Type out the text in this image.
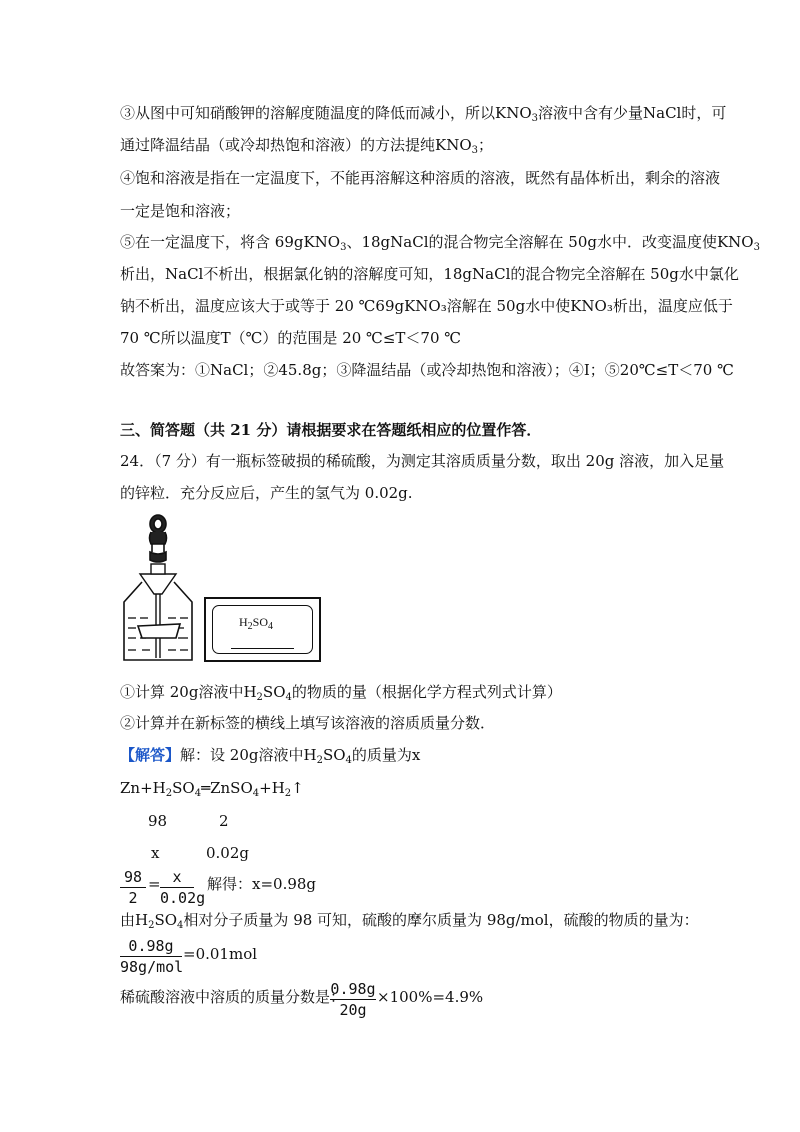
③从图中可知硝酸钾的溶解度随温度的降低而减小，所以$KNO_3$溶液中含有少量NaCl时，可
通过降温结晶（或冷却热饱和溶液）的方法提纯$KNO_3$；
④饱和溶液是指在一定温度下，不能再溶解这种溶质的溶液，既然有晶体析出，剩余的溶液
一定是饱和溶液；
⑤在一定温度下，将含 69gKNO$_3$、18gNaCl的混合物完全溶解在 50g水中．改变温度使$KNO_3$
析出，NaCl不析出，根据氯化钠的溶解度可知，18gNaCl的混合物完全溶解在 50g水中氯化
钠不析出，温度应该大于或等于 20 ℃69gKNO₃溶解在 50g水中使KNO₃析出，温度应低于
70 ℃所以温度T（℃）的范围是 20 ℃≤T＜70 ℃
故答案为：①NaCl；②45.8g；③降温结晶（或冷却热饱和溶液）；④I；⑤20℃≤T＜70 ℃
三、简答题（共 21 分）请根据要求在答题纸相应的位置作答．
24．（7 分）有一瓶标签破损的稀硫酸，为测定其溶质质量分数，取出 20g 溶液，加入足量
的锌粒．充分反应后，产生的氢气为 0.02g.
$H_2SO_4$
①计算 20g溶液中$H_2SO_4$的物质的量（根据化学方程式列式计算）
②计算并在新标签的横线上填写该溶液的溶质质量分数．
【解答】解：设 20g溶液中$H_2SO_4$的质量为x
$Zn+H_2SO_4═ZnSO_4+H_2↑$
98	2
x	0.02g
98
2
= x
0.02g
解得：x=0.98g
由$H_2SO_4$相对分子质量为 98 可知，硫酸的摩尔质量为 98g/mol，硫酸的物质的量为：
0.98g
98g/mol
=0.01mol
稀硫酸溶液中溶质的质量分数是：
0.98g
20g
×100%=4.9%
